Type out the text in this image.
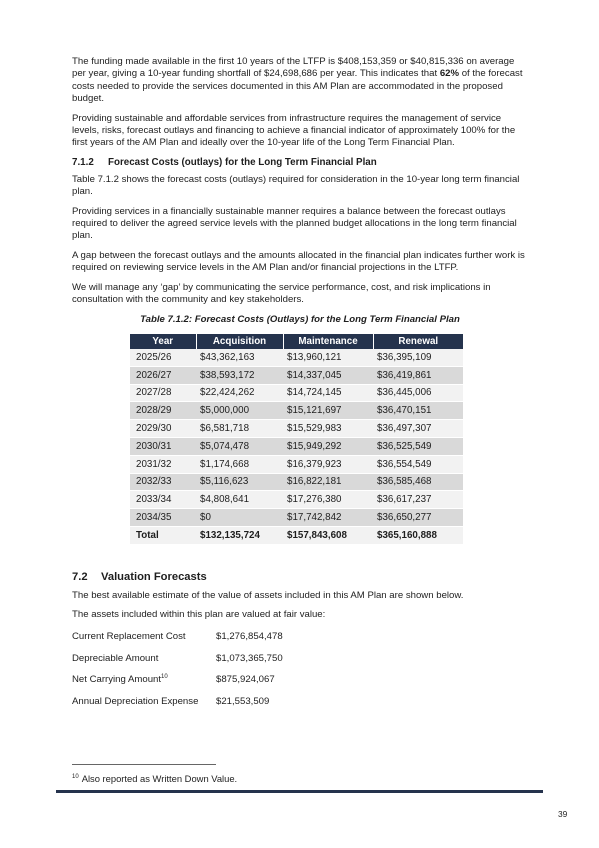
The funding made available in the first 10 years of the LTFP is $408,153,359 or $40,815,336 on average per year, giving a 10-year funding shortfall of $24,698,686 per year. This indicates that 62% of the forecast costs needed to provide the services documented in this AM Plan are accommodated in the proposed budget.

Providing sustainable and affordable services from infrastructure requires the management of service levels, risks, forecast outlays and financing to achieve a financial indicator of approximately 100% for the first years of the AM Plan and ideally over the 10-year life of the Long Term Financial Plan.

7.1.2 Forecast Costs (outlays) for the Long Term Financial Plan

Table 7.1.2 shows the forecast costs (outlays) required for consideration in the 10-year long term financial plan.

Providing services in a financially sustainable manner requires a balance between the forecast outlays required to deliver the agreed service levels with the planned budget allocations in the long term financial plan.

A gap between the forecast outlays and the amounts allocated in the financial plan indicates further work is required on reviewing service levels in the AM Plan and/or financial projections in the LTFP.

We will manage any ‘gap’ by communicating the service performance, cost, and risk implications in consultation with the community and key stakeholders.

Table 7.1.2: Forecast Costs (Outlays) for the Long Term Financial Plan
Year	Acquisition	Maintenance	Renewal
2025/26	$43,362,163	$13,960,121	$36,395,109
2026/27	$38,593,172	$14,337,045	$36,419,861
2027/28	$22,424,262	$14,724,145	$36,445,006
2028/29	$5,000,000	$15,121,697	$36,470,151
2029/30	$6,581,718	$15,529,983	$36,497,307
2030/31	$5,074,478	$15,949,292	$36,525,549
2031/32	$1,174,668	$16,379,923	$36,554,549
2032/33	$5,116,623	$16,822,181	$36,585,468
2033/34	$4,808,641	$17,276,380	$36,617,237
2034/35	$0	$17,742,842	$36,650,277
Total	$132,135,724	$157,843,608	$365,160,888
7.2 Valuation Forecasts

The best available estimate of the value of assets included in this AM Plan are shown below.

The assets included within this plan are valued at fair value:

Current Replacement Cost	$1,276,854,478
Depreciable Amount	$1,073,365,750
Net Carrying Amount$^{10}$	$875,924,067
Annual Depreciation Expense	$21,553,509
$^{10}$ Also reported as Written Down Value.
39
